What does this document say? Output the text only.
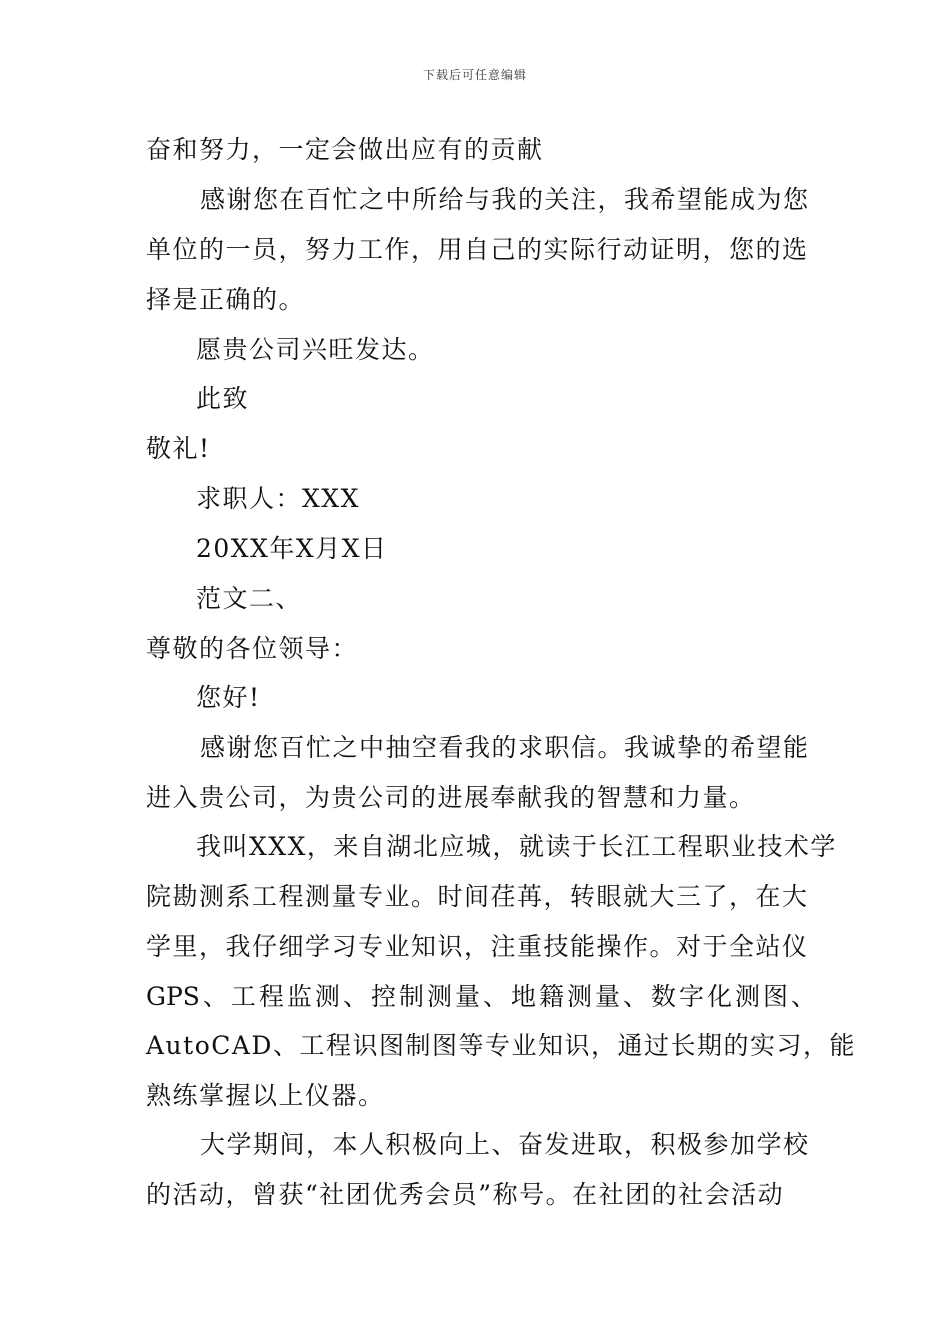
下载后可任意编辑
奋和努力，一定会做出应有的贡献
感谢您在百忙之中所给与我的关注，我希望能成为您
单位的一员，努力工作，用自己的实际行动证明，您的选
择是正确的。
愿贵公司兴旺发达。
此致
敬礼!
求职人：XXX
20XX年X月X日
范文二、
尊敬的各位领导：
您好!
感谢您百忙之中抽空看我的求职信。我诚挚的希望能
进入贵公司，为贵公司的进展奉献我的智慧和力量。
我叫XXX，来自湖北应城，就读于长江工程职业技术学
院勘测系工程测量专业。时间荏苒，转眼就大三了，在大
学里，我仔细学习专业知识，注重技能操作。对于全站仪
GPS、工程监测、控制测量、地籍测量、数字化测图、
AutoCAD、工程识图制图等专业知识，通过长期的实习，能
熟练掌握以上仪器。
大学期间，本人积极向上、奋发进取，积极参加学校
的活动，曾获“社团优秀会员”称号。在社团的社会活动
